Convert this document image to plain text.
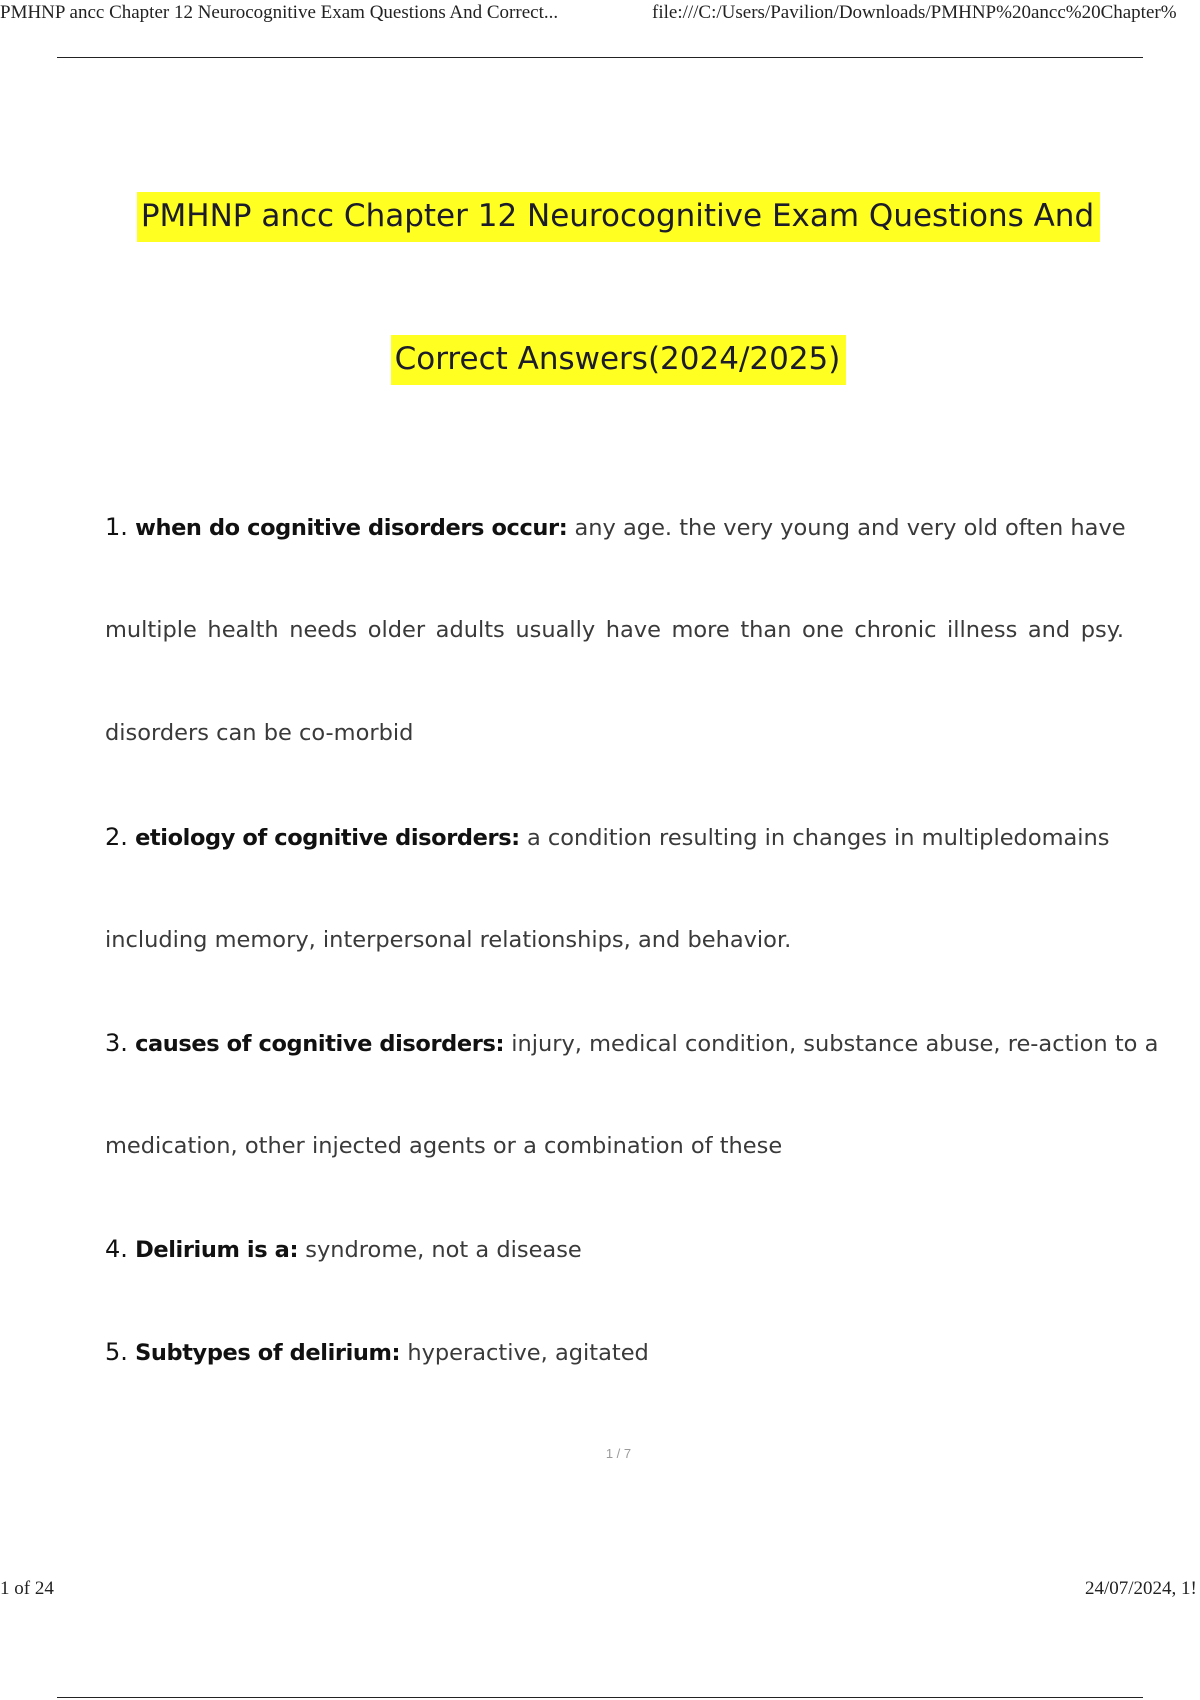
PMHNP ancc Chapter 12 Neurocognitive Exam Questions And Correct...	file:///C:/Users/Pavilion/Downloads/PMHNP%20ancc%20Chapter%
PMHNP ancc Chapter 12 Neurocognitive Exam Questions And
Correct Answers(2024/2025)
1. when do cognitive disorders occur: any age. the very young and very old often have
multiple health needs older adults usually have more than one chronic illness and psy.
disorders can be co-morbid
2. etiology of cognitive disorders: a condition resulting in changes in multipledomains
including memory, interpersonal relationships, and behavior.
3. causes of cognitive disorders: injury, medical condition, substance abuse, re-action to a
medication, other injected agents or a combination of these
4. Delirium is a: syndrome, not a disease
5. Subtypes of delirium: hyperactive, agitated
1 / 7
1 of 24	24/07/2024, 1!
